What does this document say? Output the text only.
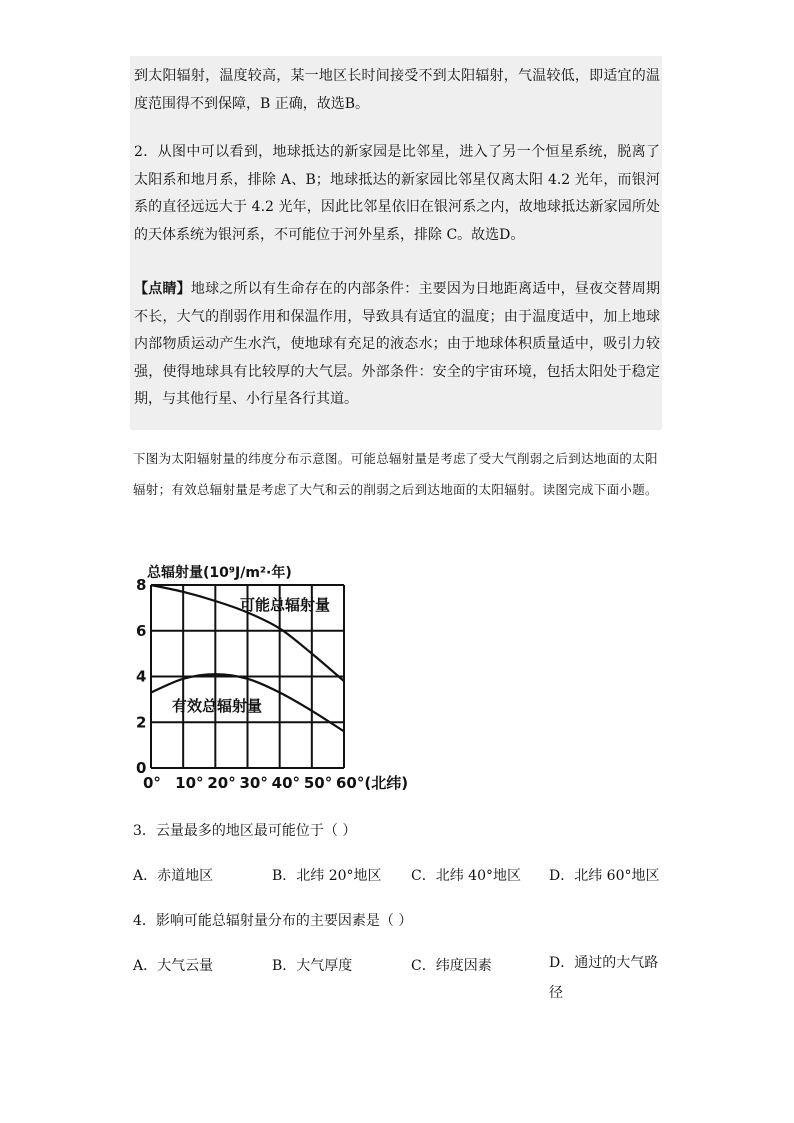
到太阳辐射，温度较高，某一地区长时间接受不到太阳辐射，气温较低，即适宜的温度范围得不到保障，B 正确，故选B。

2．从图中可以看到，地球抵达的新家园是比邻星，进入了另一个恒星系统，脱离了太阳系和地月系，排除 A、B；地球抵达的新家园比邻星仅离太阳 4.2 光年，而银河系的直径远远大于 4.2 光年，因此比邻星依旧在银河系之内，故地球抵达新家园所处的天体系统为银河系，不可能位于河外星系，排除 C。故选D。

【点睛】地球之所以有生命存在的内部条件：主要因为日地距离适中，昼夜交替周期不长，大气的削弱作用和保温作用，导致具有适宜的温度；由于温度适中，加上地球内部物质运动产生水汽，使地球有充足的液态水；由于地球体积质量适中，吸引力较强，使得地球具有比较厚的大气层。外部条件：安全的宇宙环境，包括太阳处于稳定期，与其他行星、小行星各行其道。

下图为太阳辐射量的纬度分布示意图。可能总辐射量是考虑了受大气削弱之后到达地面的太阳辐射；有效总辐射量是考虑了大气和云的削弱之后到达地面的太阳辐射。读图完成下面小题。

0° 10° 20° 30° 40° 50° 60°(北纬)
0
2
4
6
8
总辐射量(10⁹J/m²·年)
可能总辐射量
有效总辐射量

3．云量最多的地区最可能位于（ ）

A．赤道地区	B．北纬 20°地区 C．北纬 40°地区 D．北纬 60°地区

4．影响可能总辐射量分布的主要因素是（ ）

A．大气云量	B．大气厚度	C．纬度因素	D．通过的大气路径
